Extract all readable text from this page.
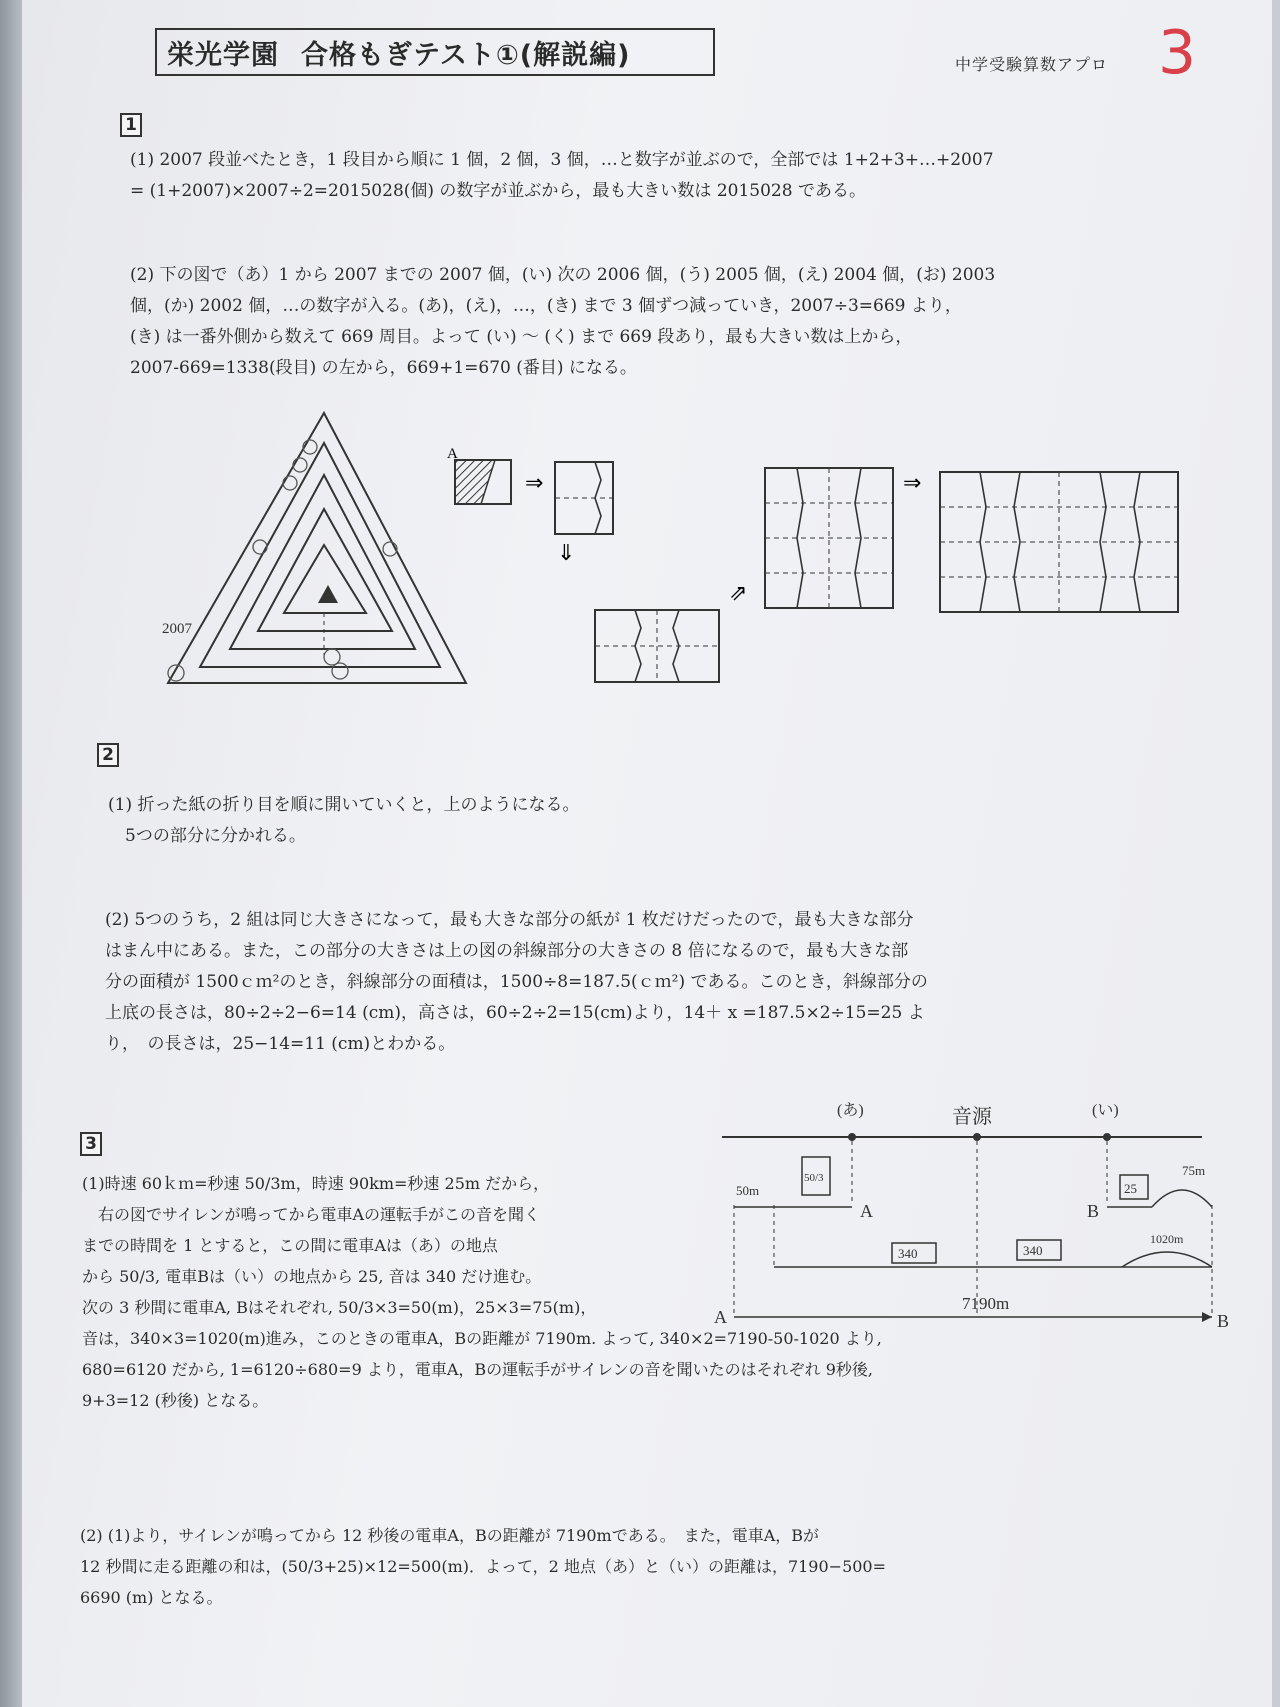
栄光学園 合格もぎテスト①(解説編)	中学受験算数アプロ 3
1
(1) 2007 段並べたとき，1 段目から順に 1 個，2 個，3 個，…と数字が並ぶので，全部では 1+2+3+…+2007
= (1+2007)×2007÷2=2015028(個) の数字が並ぶから，最も大きい数は 2015028 である。
(2) 下の図で（あ）1 から 2007 までの 2007 個，(い) 次の 2006 個，(う) 2005 個，(え) 2004 個，(お) 2003
個，(か) 2002 個，…の数字が入る。(あ)，(え)，…，(き) まで 3 個ずつ減っていき，2007÷3=669 より，
(き) は一番外側から数えて 669 周目。よって (い) 〜 (く) まで 669 段あり，最も大きい数は上から，
2007-669=1338(段目) の左から，669+1=670 (番目) になる。
2007
A
⇒
⇓
⇗
⇒
2
(1) 折った紙の折り目を順に開いていくと，上のようになる。
　5つの部分に分かれる。
(2) 5つのうち，2 組は同じ大きさになって，最も大きな部分の紙が 1 枚だけだったので，最も大きな部分
はまん中にある。また，この部分の大きさは上の図の斜線部分の大きさの 8 倍になるので，最も大きな部
分の面積が 1500ｃｍ²のとき，斜線部分の面積は，1500÷8=187.5(ｃｍ²) である。このとき，斜線部分の
上底の長さは，80÷2÷2−6=14 (cm)，高さは，60÷2÷2=15(cm)より，14＋ x =187.5×2÷15=25 よ
り，　の長さは，25−14=11 (cm)とわかる。
3
(1)時速 60ｋｍ=秒速 50/3m，時速 90km=秒速 25m だから，
　右の図でサイレンが鳴ってから電車Aの運転手がこの音を聞く
までの時間を 1 とすると，この間に電車Aは（あ）の地点
から 50/3, 電車Bは（い）の地点から 25, 音は 340 だけ進む。
次の 3 秒間に電車A, Bはそれぞれ, 50/3×3=50(m)，25×3=75(m)，
音は，340×3=1020(m)進み，このときの電車A，Bの距離が 7190m. よって, 340×2=7190-50-1020 より,
680=6120 だから, 1=6120÷680=9 より，電車A，Bの運転手がサイレンの音を聞いたのはそれぞれ 9秒後,
9+3=12 (秒後) となる。
(あ)	音源	(い)
50m
50/3
A	B
25
75m
340	340
1020m
7190m
A	B
(2) (1)より，サイレンが鳴ってから 12 秒後の電車A，Bの距離が 7190mである。　また，電車A，Bが
12 秒間に走る距離の和は，(50/3+25)×12=500(m)．よって，2 地点（あ）と（い）の距離は，7190−500=
6690 (m) となる。
